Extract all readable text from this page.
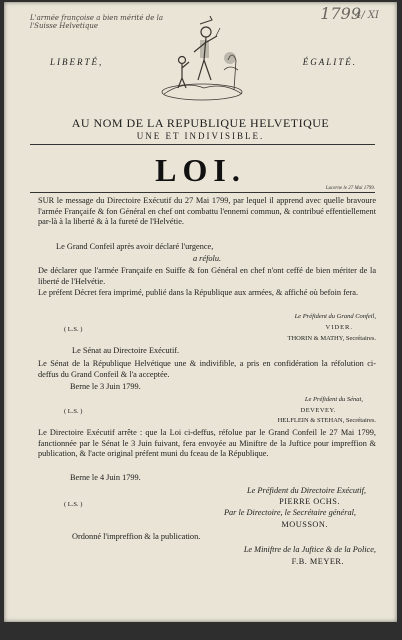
L'armée françoise a bien mérité de la l'Suisse Helvetique
1799
4/ XI
LIBERTÉ,	ÉGALITÉ.
AU NOM DE LA REPUBLIQUE HELVETIQUE
UNE ET INDIVISIBLE.
LOI.
Lucerne le 27 Mai 1799.
SUR le message du Directoire Exécutif du 27 Mai 1799, par lequel il apprend avec quelle bravoure l'armée Françaife & fon Général en chef ont combattu l'ennemi commun, & contribué effentiellement par-là à la liberté & à la fureté de l'Helvétie.
Le Grand Confeil après avoir déclaré l'urgence,
a réfolu.
De déclarer que l'armée Françaife en Suiffe & fon Général en chef n'ont ceffé de bien mériter de la liberté de l'Helvétie.
Le préfent Décret fera imprimé, publié dans la République aux armées, & affiché où befoin fera.
Le Préfident du Grand Confeil,
( L.S. )	VIDER.
THORIN & MATHY, Secrétaires.
Le Sénat au Directoire Exécutif.
Le Sénat de la République Helvétique une & indivifible, a pris en confidération la réfolution ci-deffus du Grand Confeil & l'a acceptée.
Berne le 3 Juin 1799.
Le Préfident du Sénat,
( L.S. )	DEVEVEY.
HELFLEIN & STEHAN, Secrétaires.
Le Directoire Exécutif arrête : que la Loi ci-deffus, réfolue par le Grand Confeil le 27 Mai 1799, fanctionnée par le Sénat le 3 Juin fuivant, fera envoyée au Miniftre de la Juftice pour impreffion & publication, & l'acte original préfent muni du fceau de la République.
Berne le 4 Juin 1799.
Le Préfident du Directoire Exécutif,
( L.S. )	PIERRE OCHS.
Par le Directoire, le Secrétaire général,
MOUSSON.
Ordonné l'impreffion & la publication.
Le Miniftre de la Juftice & de la Police,
F.B. MEYER.
